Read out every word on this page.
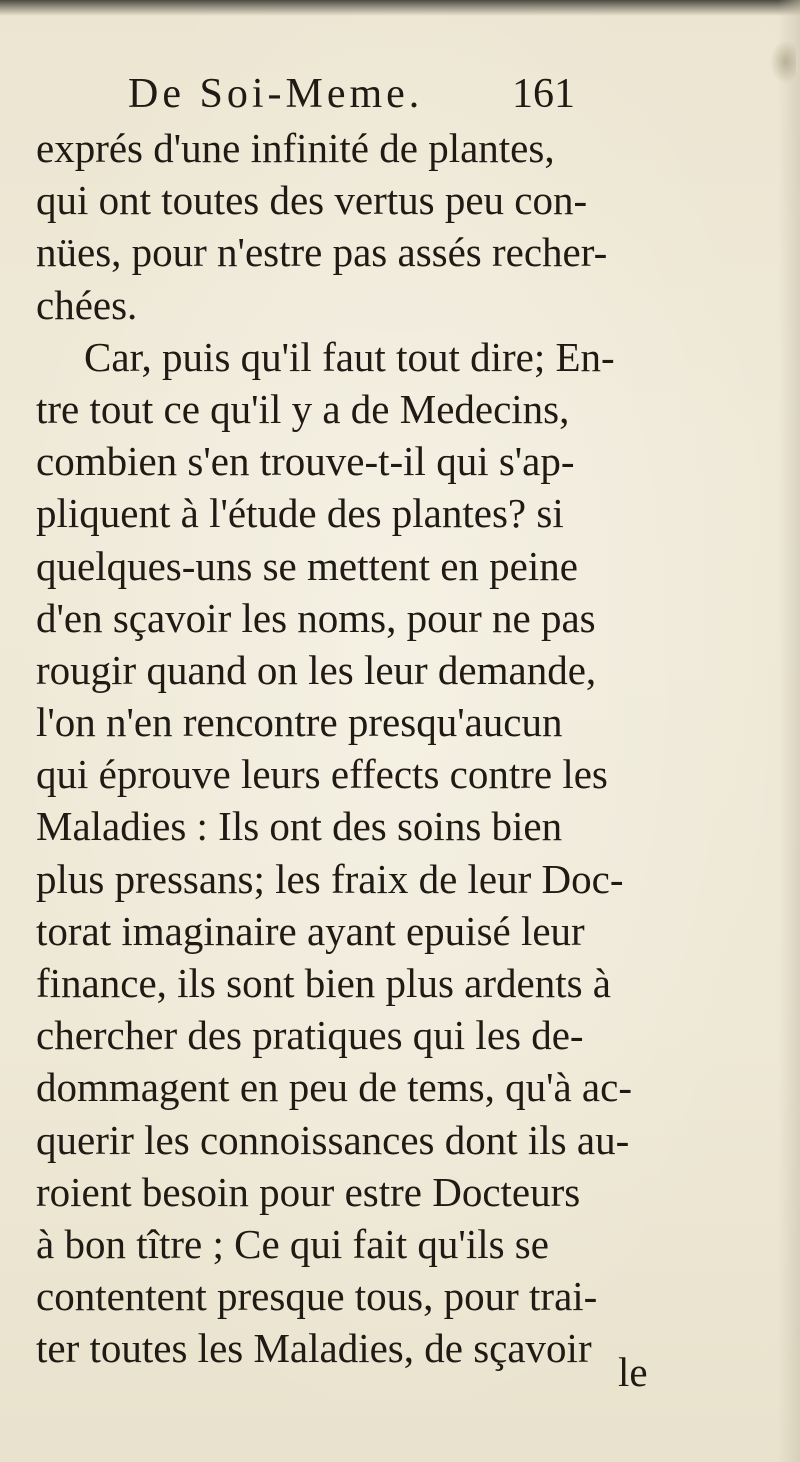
De Soi-Meme. 161
exprés d'une infinité de plantes,
qui ont toutes des vertus peu con-
nües, pour n'estre pas assés recher-
chées.
Car, puis qu'il faut tout dire; En-
tre tout ce qu'il y a de Medecins,
combien s'en trouve-t-il qui s'ap-
pliquent à l'étude des plantes? si
quelques-uns se mettent en peine
d'en sçavoir les noms, pour ne pas
rougir quand on les leur demande,
l'on n'en rencontre presqu'aucun
qui éprouve leurs effects contre les
Maladies : Ils ont des soins bien
plus pressans; les fraix de leur Doc-
torat imaginaire ayant epuisé leur
finance, ils sont bien plus ardents à
chercher des pratiques qui les de-
dommagent en peu de tems, qu'à ac-
querir les connoissances dont ils au-
roient besoin pour estre Docteurs
à bon tître ; Ce qui fait qu'ils se
contentent presque tous, pour trai-
ter toutes les Maladies, de sçavoir
le
